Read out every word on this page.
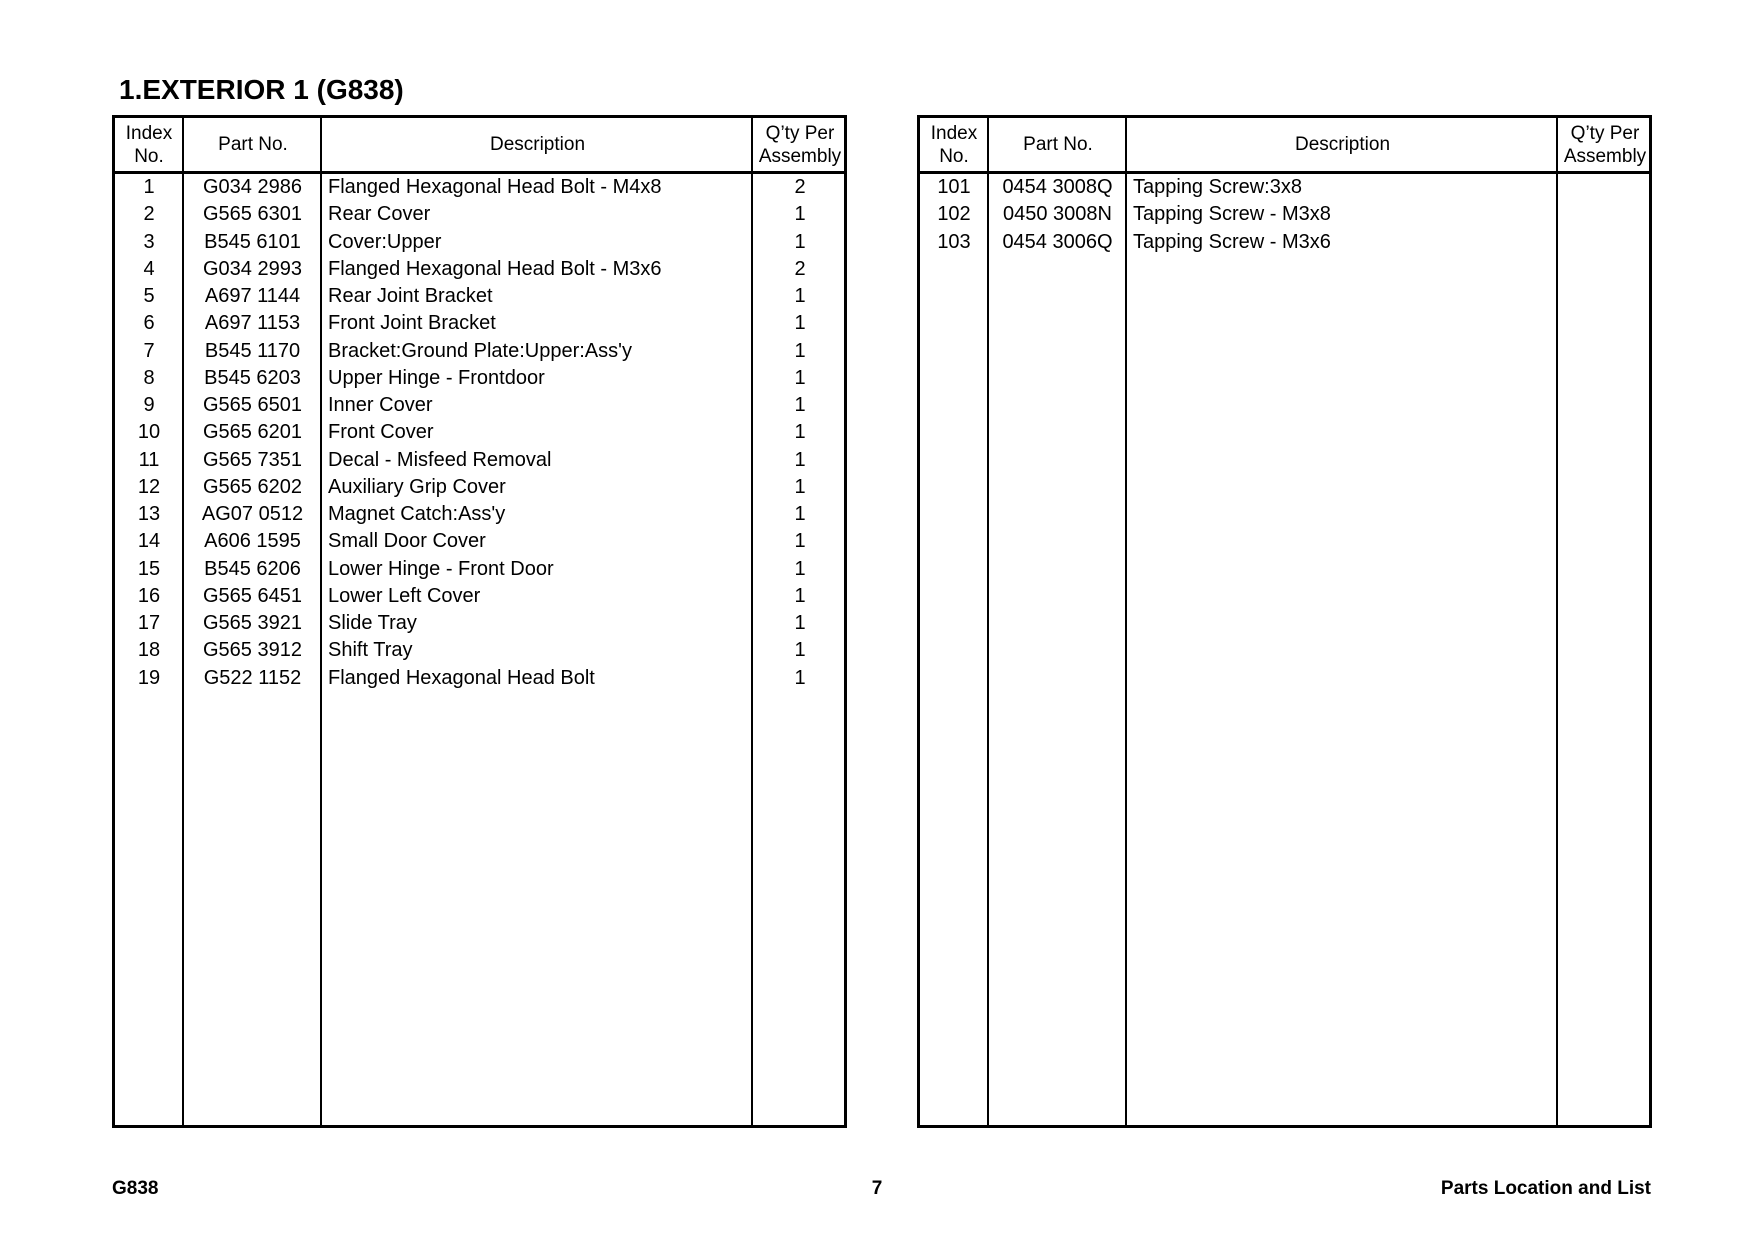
1.EXTERIOR 1 (G838)
Index
No.
Part No.	Description
Q’ty Per
Assembly
1	G034 2986	Flanged Hexagonal Head Bolt - M4x8	2
2	G565 6301	Rear Cover	1
3	B545 6101	Cover:Upper	1
4	G034 2993	Flanged Hexagonal Head Bolt - M3x6	2
5	A697 1144	Rear Joint Bracket	1
6	A697 1153	Front Joint Bracket	1
7	B545 1170	Bracket:Ground Plate:Upper:Ass'y	1
8	B545 6203	Upper Hinge - Frontdoor	1
9	G565 6501	Inner Cover	1
10	G565 6201	Front Cover	1
11	G565 7351	Decal - Misfeed Removal	1
12	G565 6202	Auxiliary Grip Cover	1
13	AG07 0512	Magnet Catch:Ass'y	1
14	A606 1595	Small Door Cover	1
15	B545 6206	Lower Hinge - Front Door	1
16	G565 6451	Lower Left Cover	1
17	G565 3921	Slide Tray	1
18	G565 3912	Shift Tray	1
19	G522 1152	Flanged Hexagonal Head Bolt	1
Index
No.
Part No.	Description
Q’ty Per
Assembly
101	0454 3008Q	Tapping Screw:3x8
102	0450 3008N	Tapping Screw - M3x8
103	0454 3006Q	Tapping Screw - M3x6
G838	7	Parts Location and List
